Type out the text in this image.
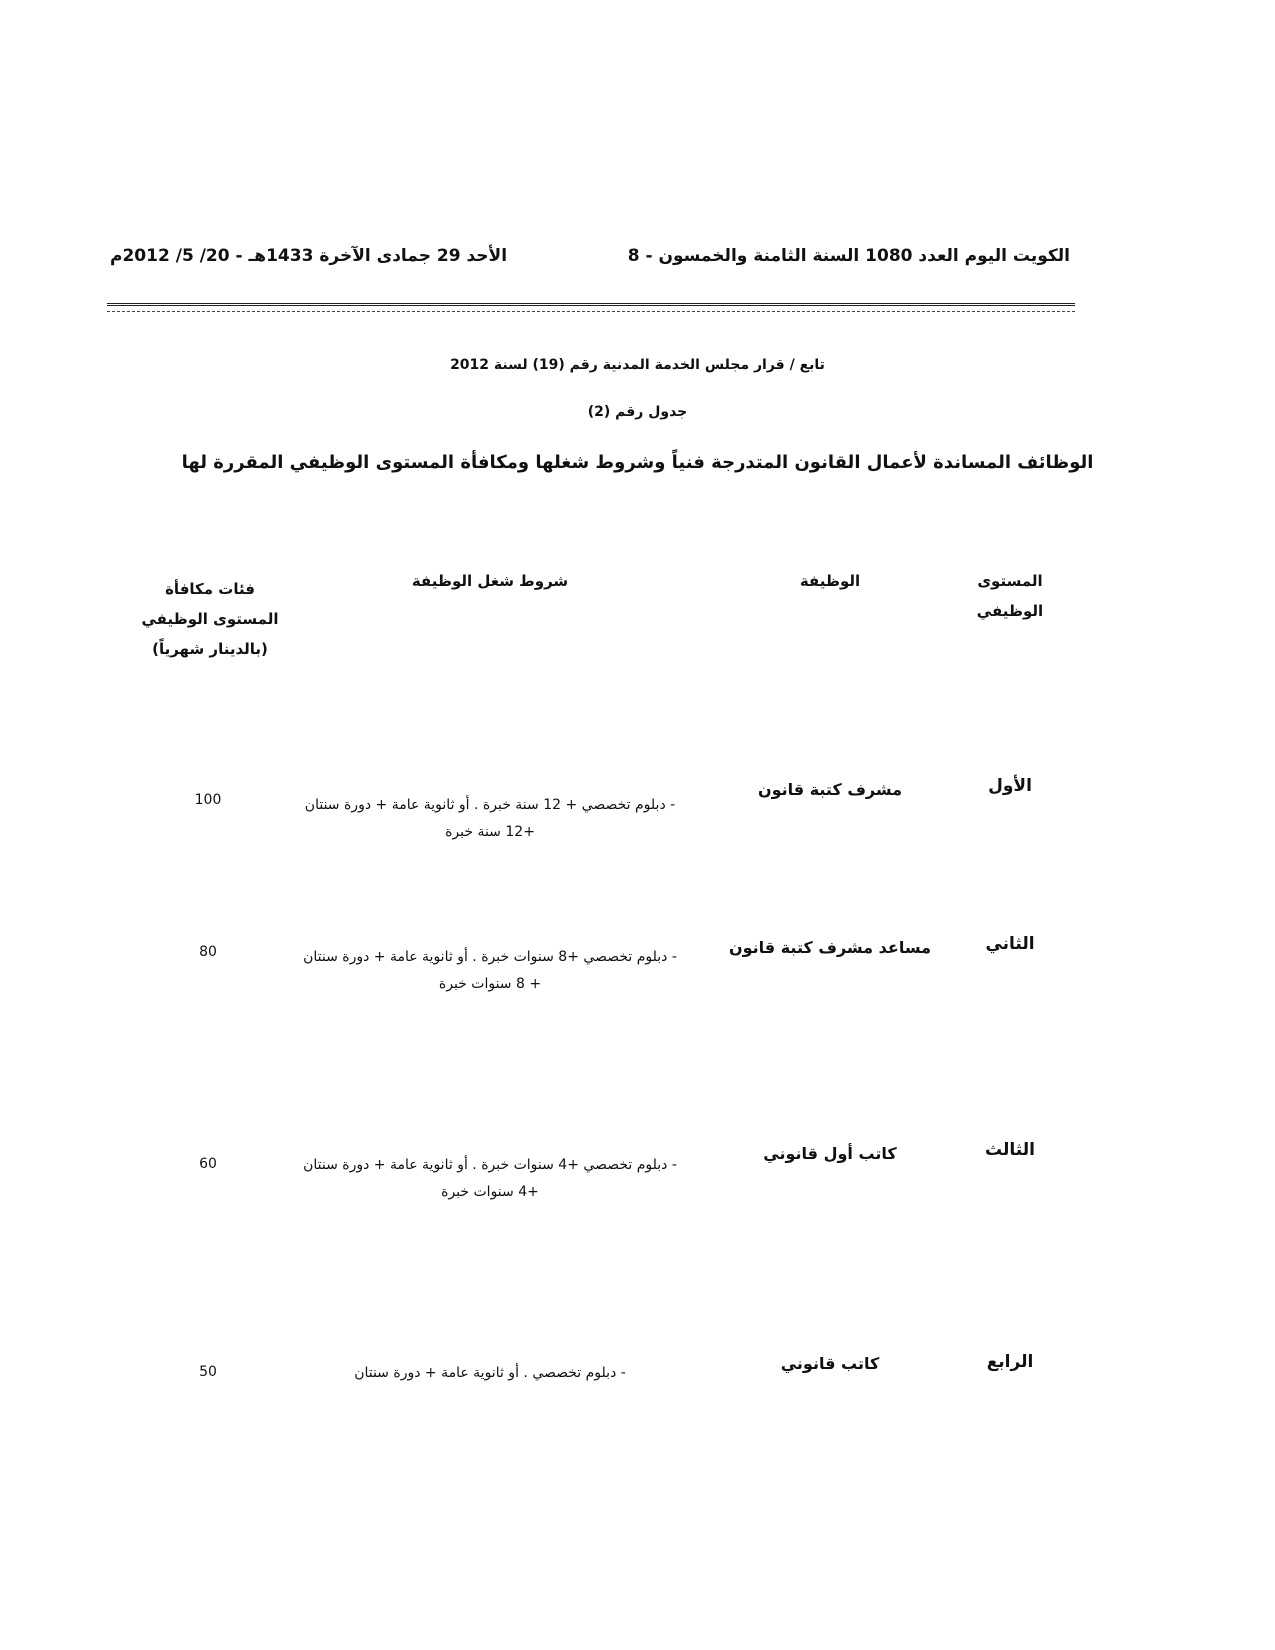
الكويت اليوم العدد 1080 السنة الثامنة والخمسون - 8
الأحد 29 جمادى الآخرة 1433هـ - 20/ 5/ 2012م
تابع / قرار مجلس الخدمة المدنية رقم (19) لسنة 2012
جدول رقم (2)
الوظائف المساندة لأعمال القانون المتدرجة فنياً وشروط شغلها ومكافأة المستوى الوظيفي المقررة لها
المستوى الوظيفي
الوظيفة
شروط شغل الوظيفة
فئات مكافأة المستوى الوظيفي (بالدينار شهرياً)
الأول
مشرف كتبة قانون
- دبلوم تخصصي + 12 سنة خبرة . أو ثانوية عامة + دورة سنتان +12 سنة خبرة
100
الثاني
مساعد مشرف كتبة قانون
- دبلوم تخصصي +8 سنوات خبرة . أو ثانوية عامة + دورة سنتان + 8 سنوات خبرة
80
الثالث
كاتب أول قانوني
- دبلوم تخصصي +4 سنوات خبرة . أو ثانوية عامة + دورة سنتان +4 سنوات خبرة
60
الرابع
كاتب قانوني
- دبلوم تخصصي . أو ثانوية عامة + دورة سنتان
50
